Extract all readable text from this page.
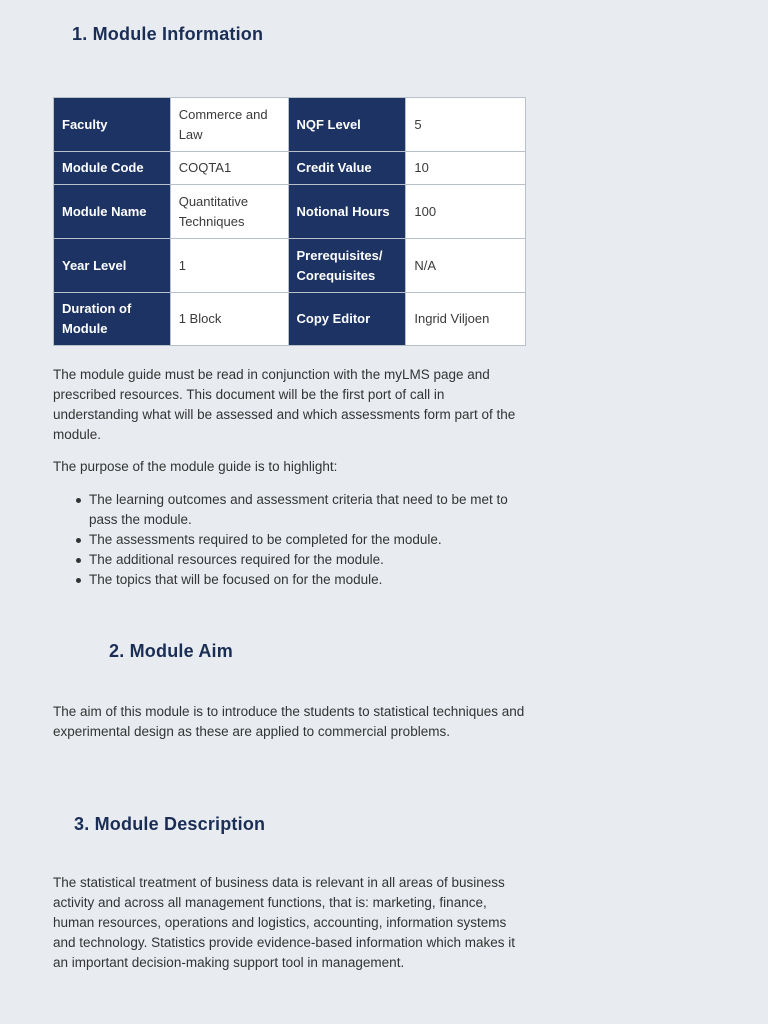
1. Module Information
Faculty	Commerce and Law	NQF Level	5
Module Code	COQTA1	Credit Value	10
Module Name	Quantitative Techniques	Notional Hours	100
Year Level	1	Prerequisites/ Corequisites	N/A
Duration of Module	1 Block	Copy Editor	Ingrid Viljoen

The module guide must be read in conjunction with the myLMS page and prescribed resources. This document will be the first port of call in understanding what will be assessed and which assessments form part of the module.

The purpose of the module guide is to highlight:

The learning outcomes and assessment criteria that need to be met to pass the module.
The assessments required to be completed for the module.
The additional resources required for the module.
The topics that will be focused on for the module.
2. Module Aim

The aim of this module is to introduce the students to statistical techniques and experimental design as these are applied to commercial problems.

3. Module Description

The statistical treatment of business data is relevant in all areas of business activity and across all management functions, that is: marketing, finance, human resources, operations and logistics, accounting, information systems and technology. Statistics provide evidence-based information which makes it an important decision-making support tool in management.
